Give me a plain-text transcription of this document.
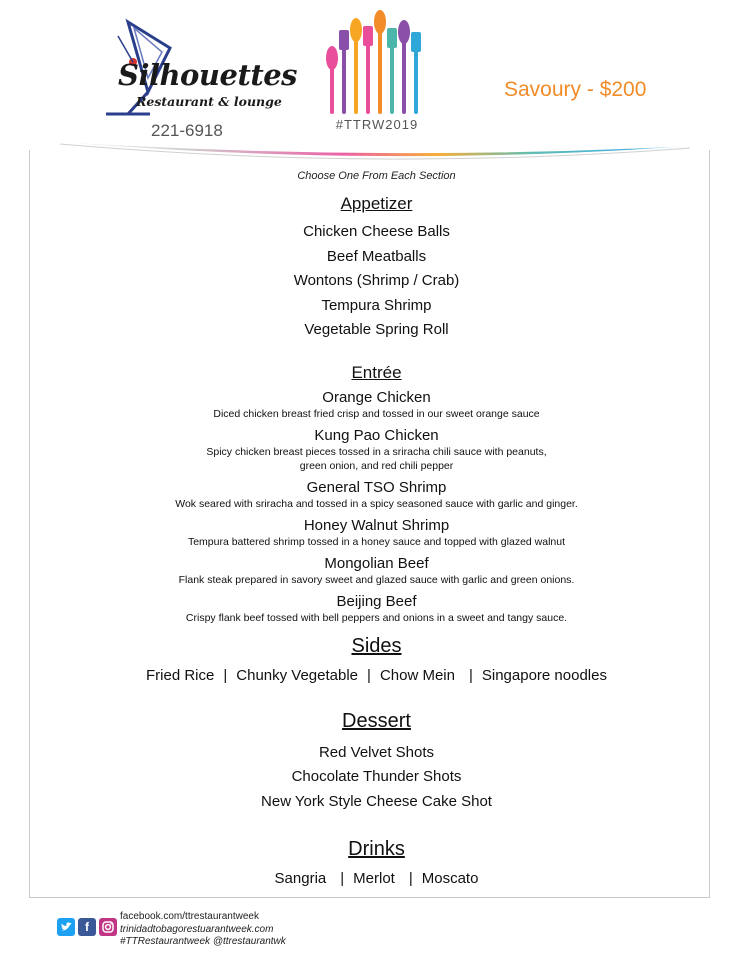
Silhouettes
Restaurant & lounge
221-6918	#TTRW2019
Savoury - $200
Choose One From Each Section
Appetizer
Chicken Cheese Balls
Beef Meatballs
Wontons (Shrimp / Crab)
Tempura Shrimp
Vegetable Spring Roll
Entrée
Orange Chicken
Diced chicken breast fried crisp and tossed in our sweet orange sauce
Kung Pao Chicken
Spicy chicken breast pieces tossed in a sriracha chili sauce with peanuts,
green onion, and red chili pepper
General TSO Shrimp
Wok seared with sriracha and tossed in a spicy seasoned sauce with garlic and ginger.
Honey Walnut Shrimp
Tempura battered shrimp tossed in a honey sauce and topped with glazed walnut
Mongolian Beef
Flank steak prepared in savory sweet and glazed sauce with garlic and green onions.
Beijing Beef
Crispy flank beef tossed with bell peppers and onions in a sweet and tangy sauce.
Sides
Fried Rice | Chunky Vegetable | Chow Mein | Singapore noodles
Dessert
Red Velvet Shots
Chocolate Thunder Shots
New York Style Cheese Cake Shot
Drinks
Sangria | Merlot | Moscato
f
facebook.com/ttrestaurantweek
trinidadtobagorestuarantweek.com
#TTRestaurantweek @ttrestaurantwk
